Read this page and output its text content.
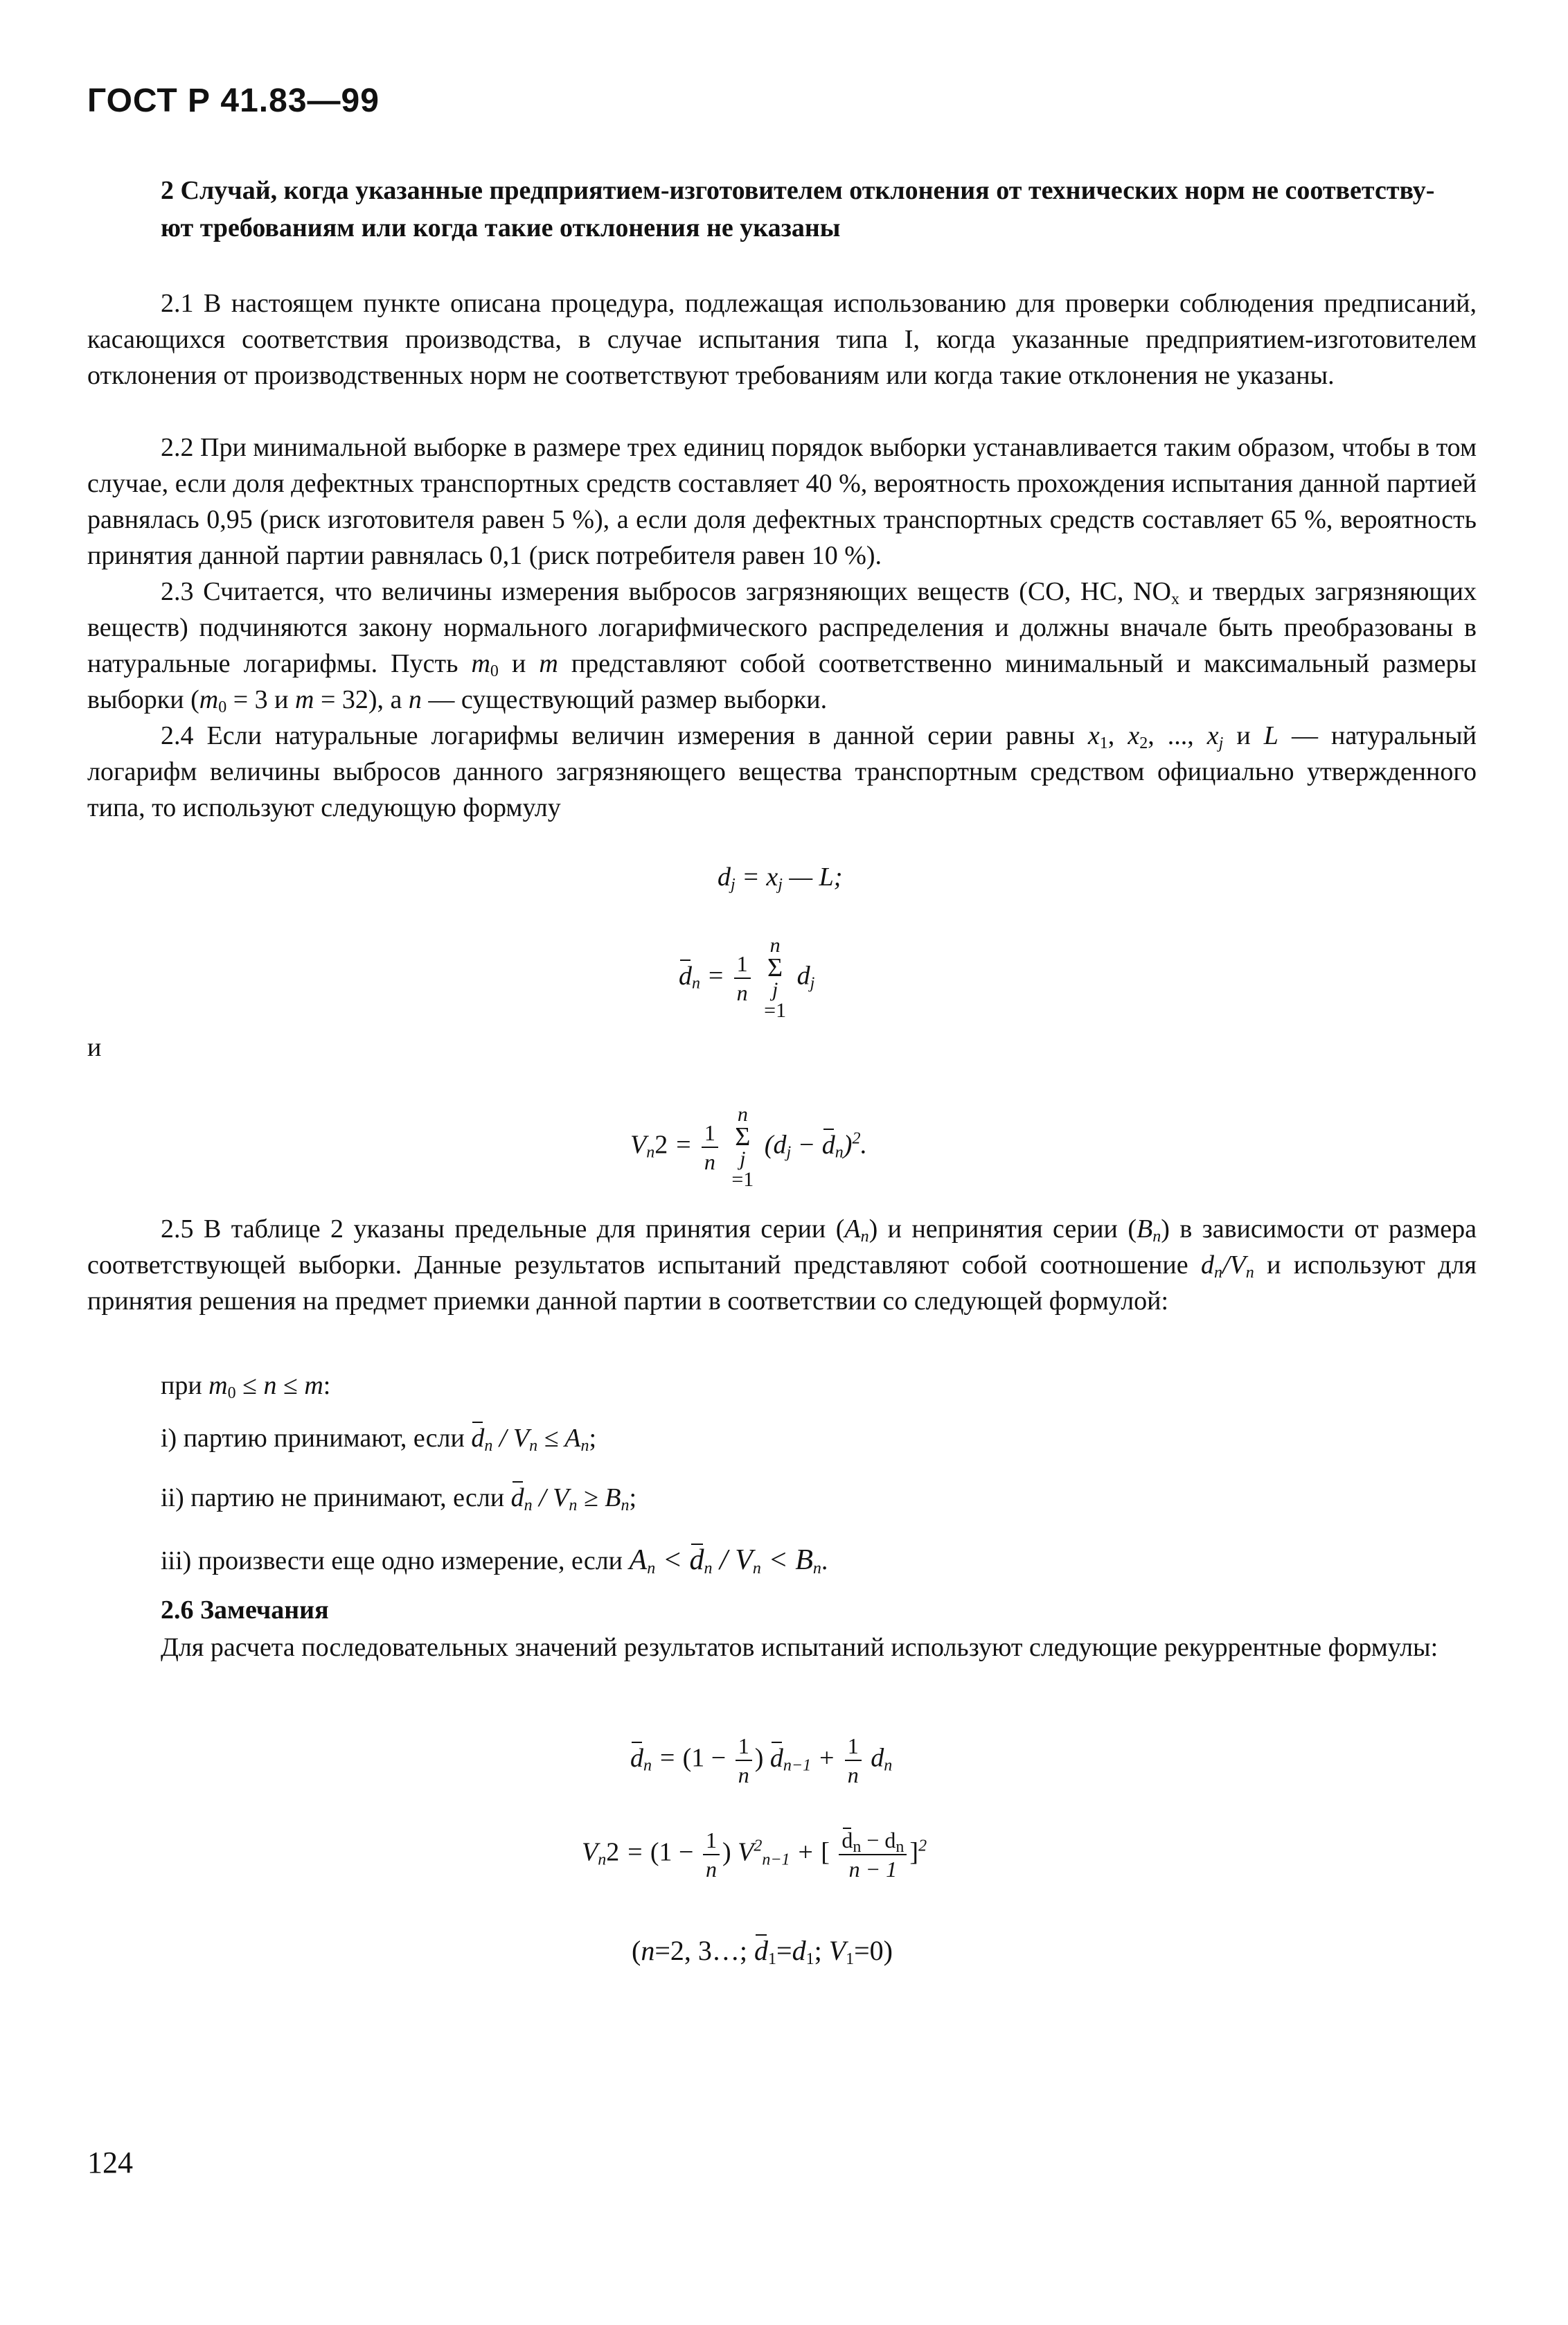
ГОСТ Р 41.83—99
2 Случай, когда указанные предприятием-изготовителем отклонения от технических норм не соответству-
ют требованиям или когда такие отклонения не указаны
2.1 В настоящем пункте описана процедура, подлежащая использованию для проверки соблюдения предписаний, касающихся соответствия производства, в случае испытания типа I, когда указанные предприятием-изготовителем отклонения от производственных норм не соответствуют требованиям или когда такие отклонения не указаны.
2.2 При минимальной выборке в размере трех единиц порядок выборки устанавливается таким образом, чтобы в том случае, если доля дефектных транспортных средств составляет 40 %, вероятность прохождения испытания данной партией равнялась 0,95 (риск изготовителя равен 5 %), а если доля дефектных транспортных средств составляет 65 %, вероятность принятия данной партии равнялась 0,1 (риск потребителя равен 10 %).
2.3 Считается, что величины измерения выбросов загрязняющих веществ (CO, HC, $NO_x$ и твердых загрязняющих веществ) подчиняются закону нормального логарифмического распределения и должны вначале быть преобразованы в натуральные логарифмы. Пусть $m_0$ и m представляют собой соответственно минимальный и максимальный размеры выборки ($m_0 = 3$ и m = 32), а n — существующий размер выборки.
2.4 Если натуральные логарифмы величин измерения в данной серии равны $x_1$, $x_2$, ..., $x_j$ и L — натуральный логарифм величины выбросов данного загрязняющего вещества транспортным средством официально утвержденного типа, то используют следующую формулу
$d_j = x_j$ — L;
$d_n = \frac{1}{n}$

n
Σ
j
=1 $d_j$
и
$V_n2 = \frac{1}{n}$

n
Σ
j
=1 $(d_j - d_n)^2$.
2.5 В таблице 2 указаны предельные для принятия серии $(A_n)$ и непринятия серии $(B_n)$ в зависимости от размера соответствующей выборки. Данные результатов испытаний представляют собой соотношение $d_n/V_n$ и используют для принятия решения на предмет приемки данной партии в соответствии со следующей формулой:
при $m_0 \le n \le m$:
i) партию принимают, если $d_n / V_n \le A_n$;
ii) партию не принимают, если $d_n / V_n \ge B_n$;
iii) произвести еще одно измерение, если $A_n < d_n / V_n < B_n$.
2.6 Замечания
Для расчета последовательных значений результатов испытаний используют следующие рекуррентные формулы:
$d_n = (1 - \frac{1}{n}$ ) $d_{n-1} + \frac{1}{n} d_n$
$V_n2 = (1 - \frac{1}{n}$ ) $V^2_{n-1}$ + [ $\frac{d_n - d_n}{n - 1} ]^2$
(n=2, 3…; $d_1=d_1$; $V_1=0$)
124
